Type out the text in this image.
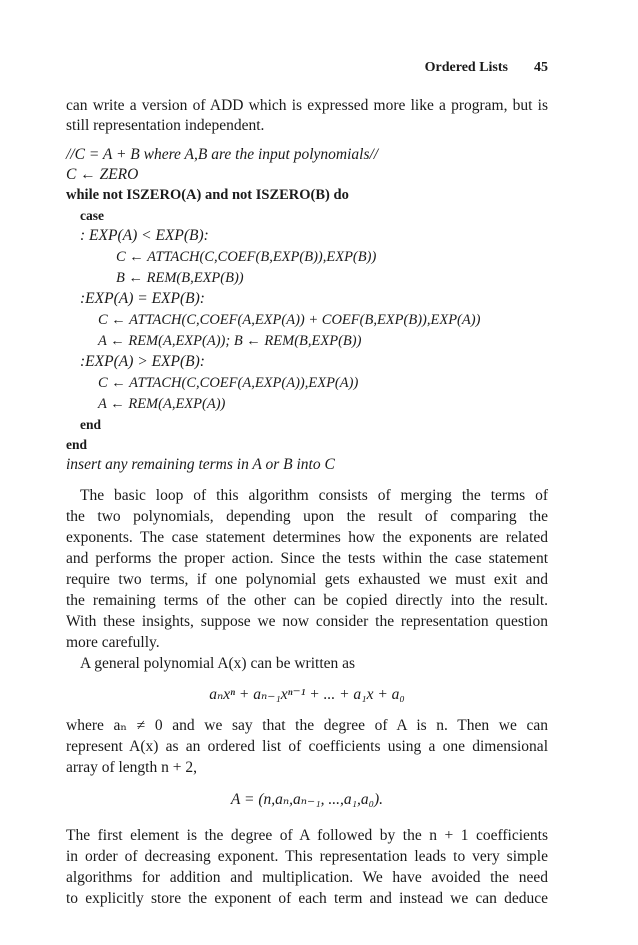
Ordered Lists 45
can write a version of ADD which is expressed more like a program, but is
still representation independent.
//C = A + B where A,B are the input polynomials//
C ← ZERO
while not ISZERO(A) and not ISZERO(B) do
case
: EXP(A) < EXP(B):
C ← ATTACH(C,COEF(B,EXP(B)),EXP(B))
B ← REM(B,EXP(B))
:EXP(A) = EXP(B):
C ← ATTACH(C,COEF(A,EXP(A)) + COEF(B,EXP(B)),EXP(A))
A ← REM(A,EXP(A)); B ← REM(B,EXP(B))
:EXP(A) > EXP(B):
C ← ATTACH(C,COEF(A,EXP(A)),EXP(A))
A ← REM(A,EXP(A))
end
end
insert any remaining terms in A or B into C
The basic loop of this algorithm consists of merging the terms of
the two polynomials, depending upon the result of comparing the
exponents. The case statement determines how the exponents are related
and performs the proper action. Since the tests within the case statement
require two terms, if one polynomial gets exhausted we must exit and
the remaining terms of the other can be copied directly into the result.
With these insights, suppose we now consider the representation question
more carefully.
A general polynomial A(x) can be written as
aₙxⁿ + aₙ₋₁xⁿ⁻¹ + ... + a₁x + a₀
where aₙ ≠ 0 and we say that the degree of A is n. Then we can
represent A(x) as an ordered list of coefficients using a one dimensional
array of length n + 2,
A = (n,aₙ,aₙ₋₁, ...,a₁,a₀).
The first element is the degree of A followed by the n + 1 coefficients
in order of decreasing exponent. This representation leads to very simple
algorithms for addition and multiplication. We have avoided the need
to explicitly store the exponent of each term and instead we can deduce
